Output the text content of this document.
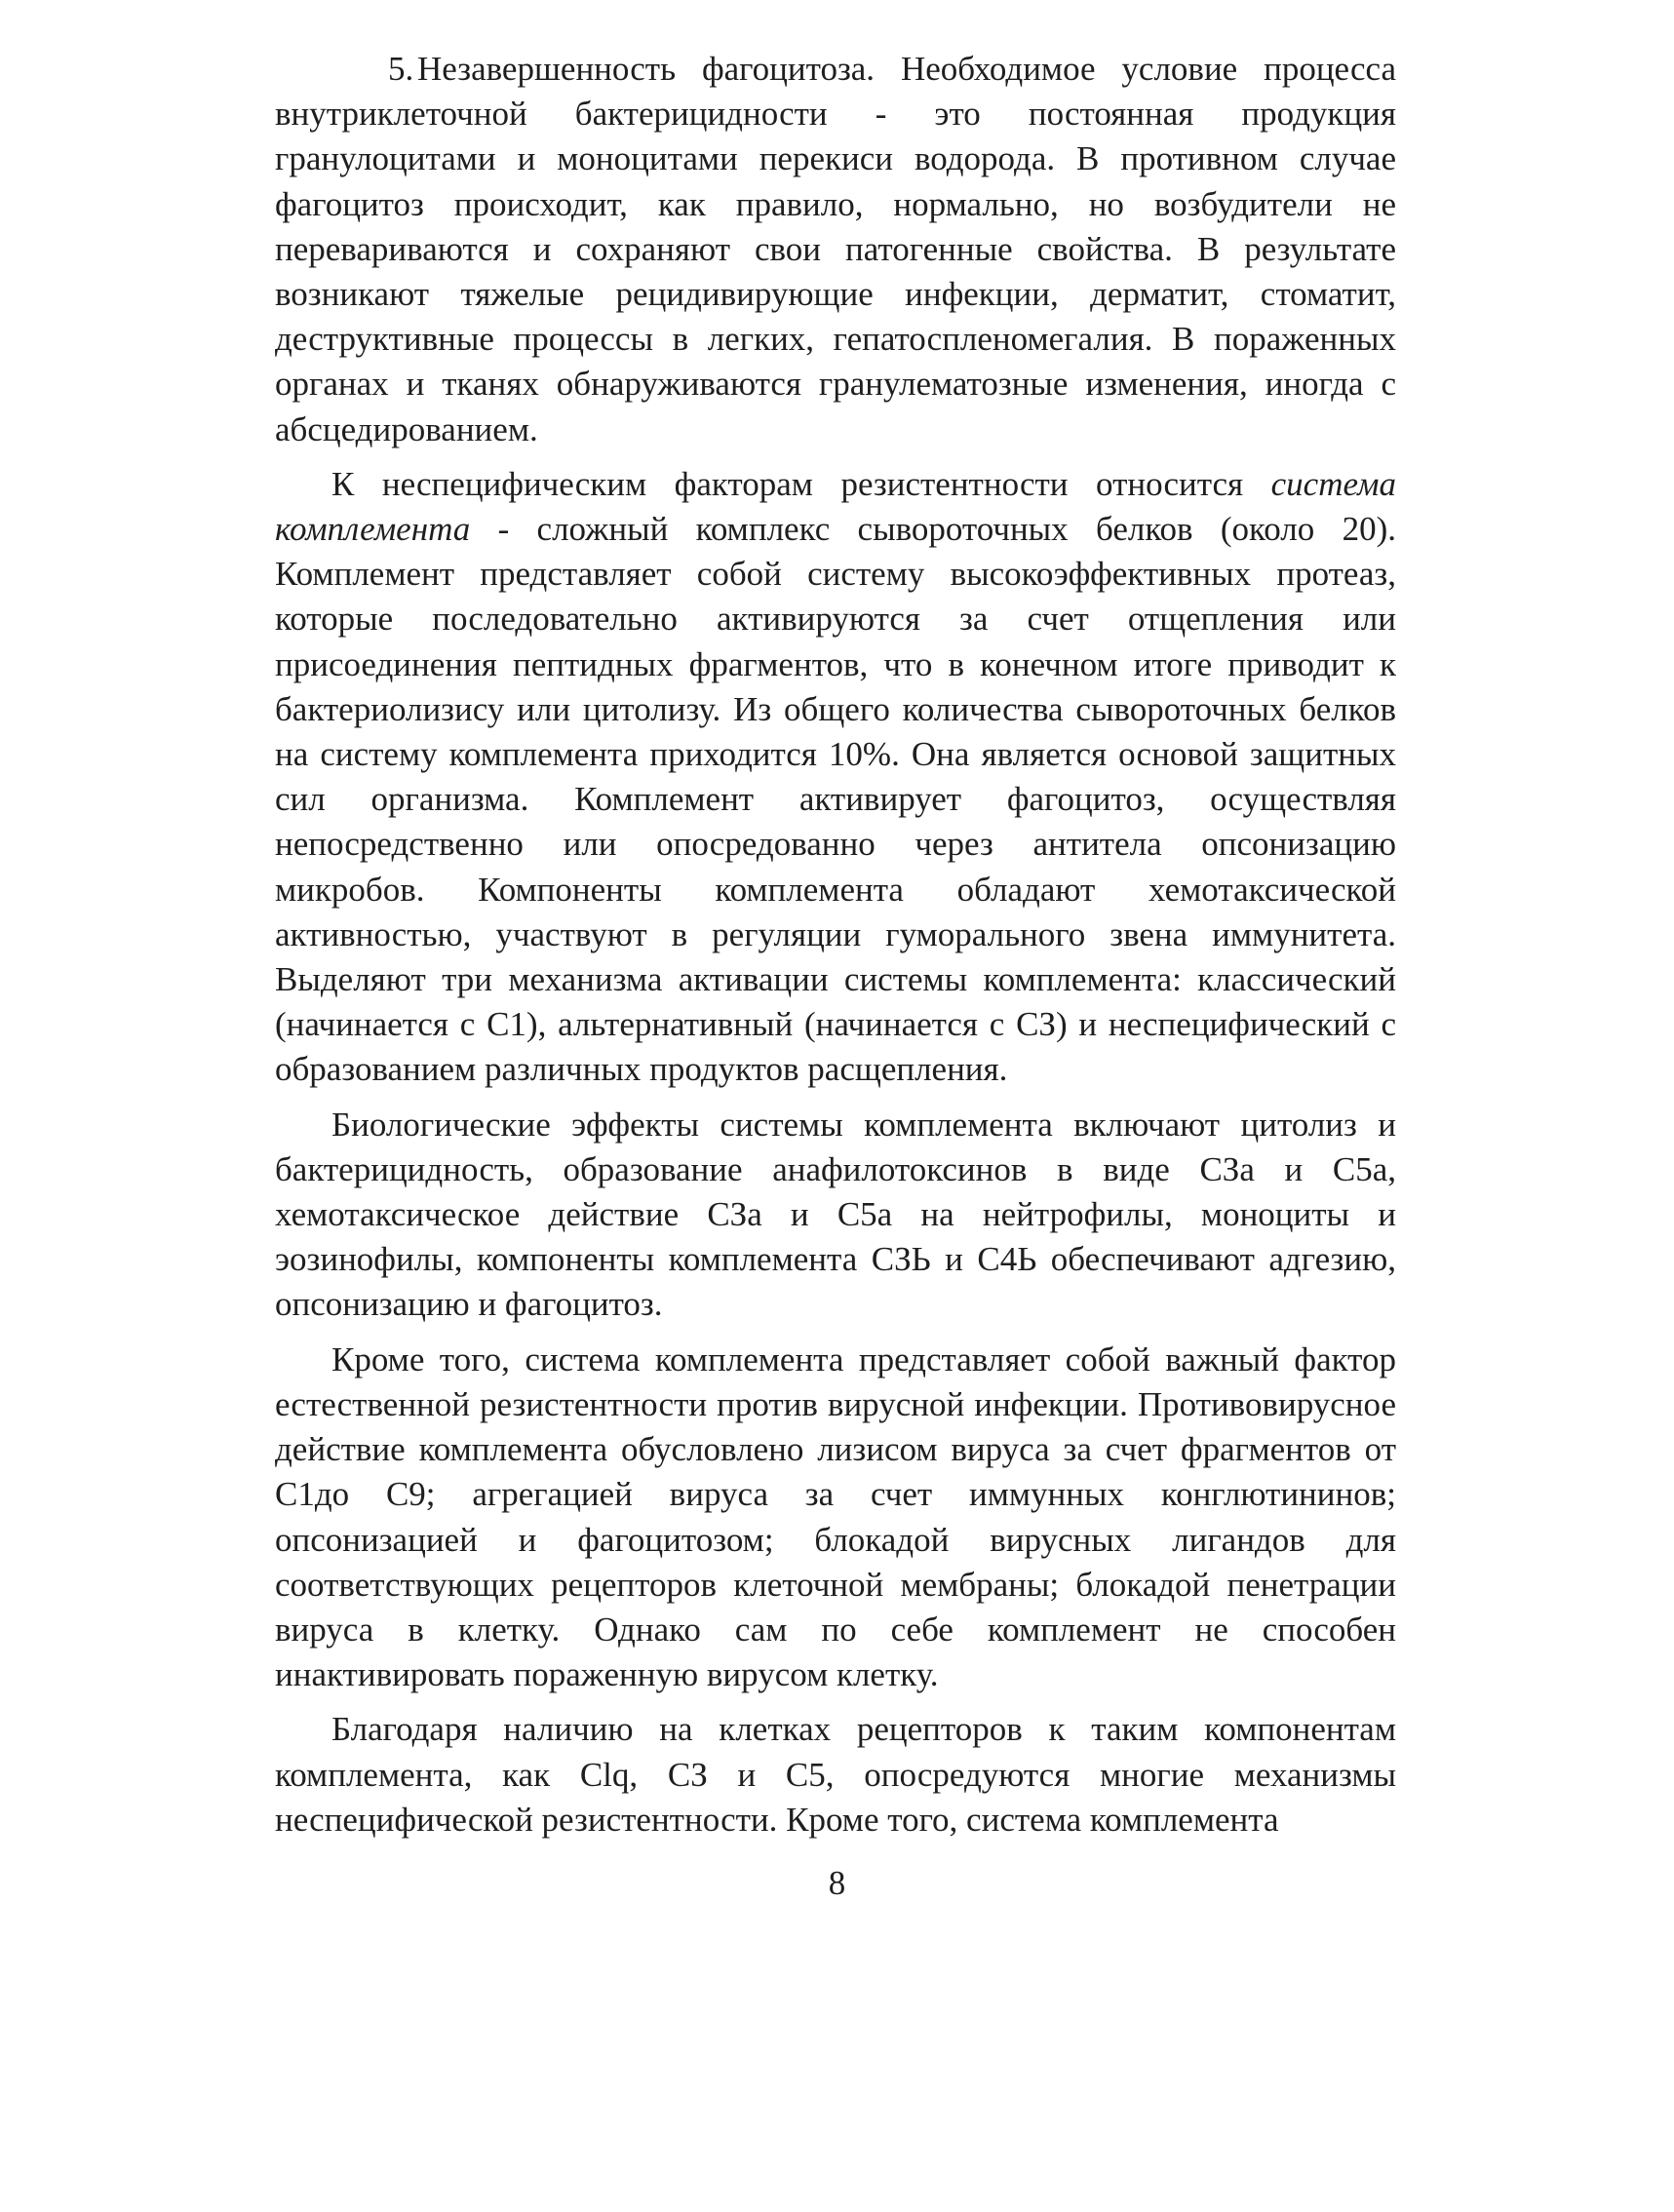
5. Незавершенность фагоцитоза. Необходимое условие процесса внутриклеточной бактерицидности - это постоянная продукция гранулоцитами и моноцитами перекиси водорода. В противном случае фагоцитоз происходит, как правило, нормально, но возбудители не перевариваются и сохраняют свои патогенные свойства. В результате возникают тяжелые рецидивирующие инфекции, дерматит, стоматит, деструктивные процессы в легких, гепатоспленомегалия. В пораженных органах и тканях обнаруживаются гранулематозные изменения, иногда с абсцедированием.

К неспецифическим факторам резистентности относится система комплемента - сложный комплекс сывороточных белков (около 20). Комплемент представляет собой систему высокоэффективных протеаз, которые последовательно активируются за счет отщепления или присоединения пептидных фрагментов, что в конечном итоге приводит к бактериолизису или цитолизу. Из общего количества сывороточных белков на систему комплемента приходится 10%. Она является основой защитных сил организма. Комплемент активирует фагоцитоз, осуществляя непосредственно или опосредованно через антитела опсонизацию микробов. Компоненты комплемента обладают хемотаксической активностью, участвуют в регуляции гуморального звена иммунитета. Выделяют три механизма активации системы комплемента: классический (начинается с С1), альтернативный (начинается с СЗ) и неспецифический с образованием различных продуктов расщепления.

Биологические эффекты системы комплемента включают цитолиз и бактерицидность, образование анафилотоксинов в виде СЗа и С5а, хемотаксическое действие СЗа и С5а на нейтрофилы, моноциты и эозинофилы, компоненты комплемента СЗЬ и С4Ь обеспечивают адгезию, опсонизацию и фагоцитоз.

Кроме того, система комплемента представляет собой важный фактор естественной резистентности против вирусной инфекции. Противовирусное действие комплемента обусловлено лизисом вируса за счет фрагментов от С1до С9; агрегацией вируса за счет иммунных конглютининов; опсонизацией и фагоцитозом; блокадой вирусных лигандов для соответствующих рецепторов клеточной мембраны; блокадой пенетрации вируса в клетку. Однако сам по себе комплемент не способен инактивировать пораженную вирусом клетку.

Благодаря наличию на клетках рецепторов к таким компонентам комплемента, как Clq, СЗ и С5, опосредуются многие механизмы неспецифической резистентности. Кроме того, система комплемента

8
